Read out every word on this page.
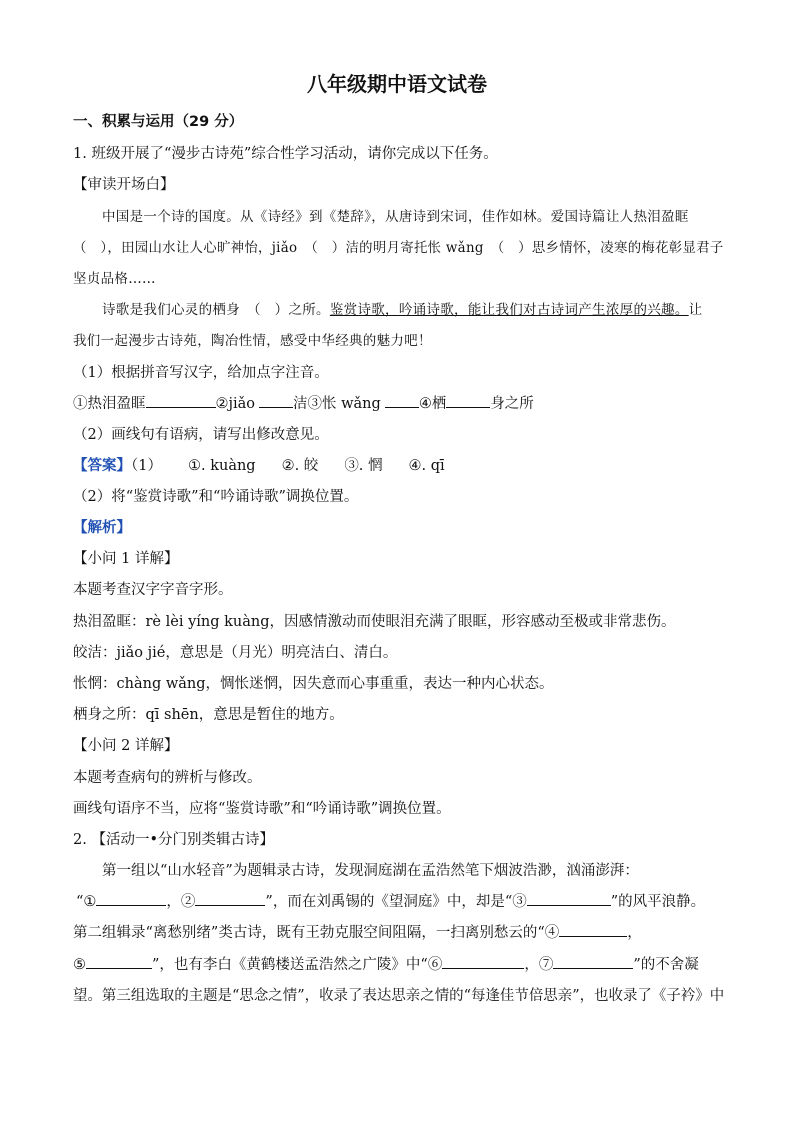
八年级期中语文试卷
一、积累与运用（29 分）
1. 班级开展了“漫步古诗苑”综合性学习活动，请你完成以下任务。
【审读开场白】
中国是一个诗的国度。从《诗经》到《楚辞》，从唐诗到宋词，佳作如林。爱国诗篇让人热泪盈眶
（　），田园山水让人心旷神怡，jiǎo　（　）洁的明月寄托怅 wǎng　（　）思乡情怀，凌寒的梅花彰显君子
坚贞品格……
诗歌是我们心灵的栖身　（　）之所。鉴赏诗歌，吟诵诗歌，能让我们对古诗词产生浓厚的兴趣。让
我们一起漫步古诗苑，陶冶性情，感受中华经典的魅力吧！
（1）根据拼音写汉字，给加点字注音。
①热泪盈眶	②jiǎo	洁③怅 wǎng	④栖	身之所
（2）画线句有语病，请写出修改意见。
【答案】（1） ①. kuàng ②. 皎 ③. 惘 ④. qī
（2）将“鉴赏诗歌”和“吟诵诗歌”调换位置。
【解析】
【小问 1 详解】
本题考查汉字字音字形。
热泪盈眶：rè lèi yíng kuàng，因感情激动而使眼泪充满了眼眶，形容感动至极或非常悲伤。
皎洁：jiǎo jié，意思是（月光）明亮洁白、清白。
怅惘：chàng wǎng，惆怅迷惘，因失意而心事重重，表达一种内心状态。
栖身之所：qī shēn，意思是暂住的地方。
【小问 2 详解】
本题考查病句的辨析与修改。
画线句语序不当，应将“鉴赏诗歌”和“吟诵诗歌”调换位置。
2. 【活动一•分门别类辑古诗】
第一组以“山水轻音”为题辑录古诗，发现洞庭湖在孟浩然笔下烟波浩渺，汹涌澎湃：
“①	，②	”，而在刘禹锡的《望洞庭》中，却是“③	”的风平浪静。
第二组辑录“离愁别绪”类古诗，既有王勃克服空间阻隔，一扫离别愁云的“④	，
⑤	”，也有李白《黄鹤楼送孟浩然之广陵》中“⑥	，⑦	”的不舍凝
望。第三组选取的主题是“思念之情”，收录了表达思亲之情的“每逢佳节倍思亲”，也收录了《子衿》中
